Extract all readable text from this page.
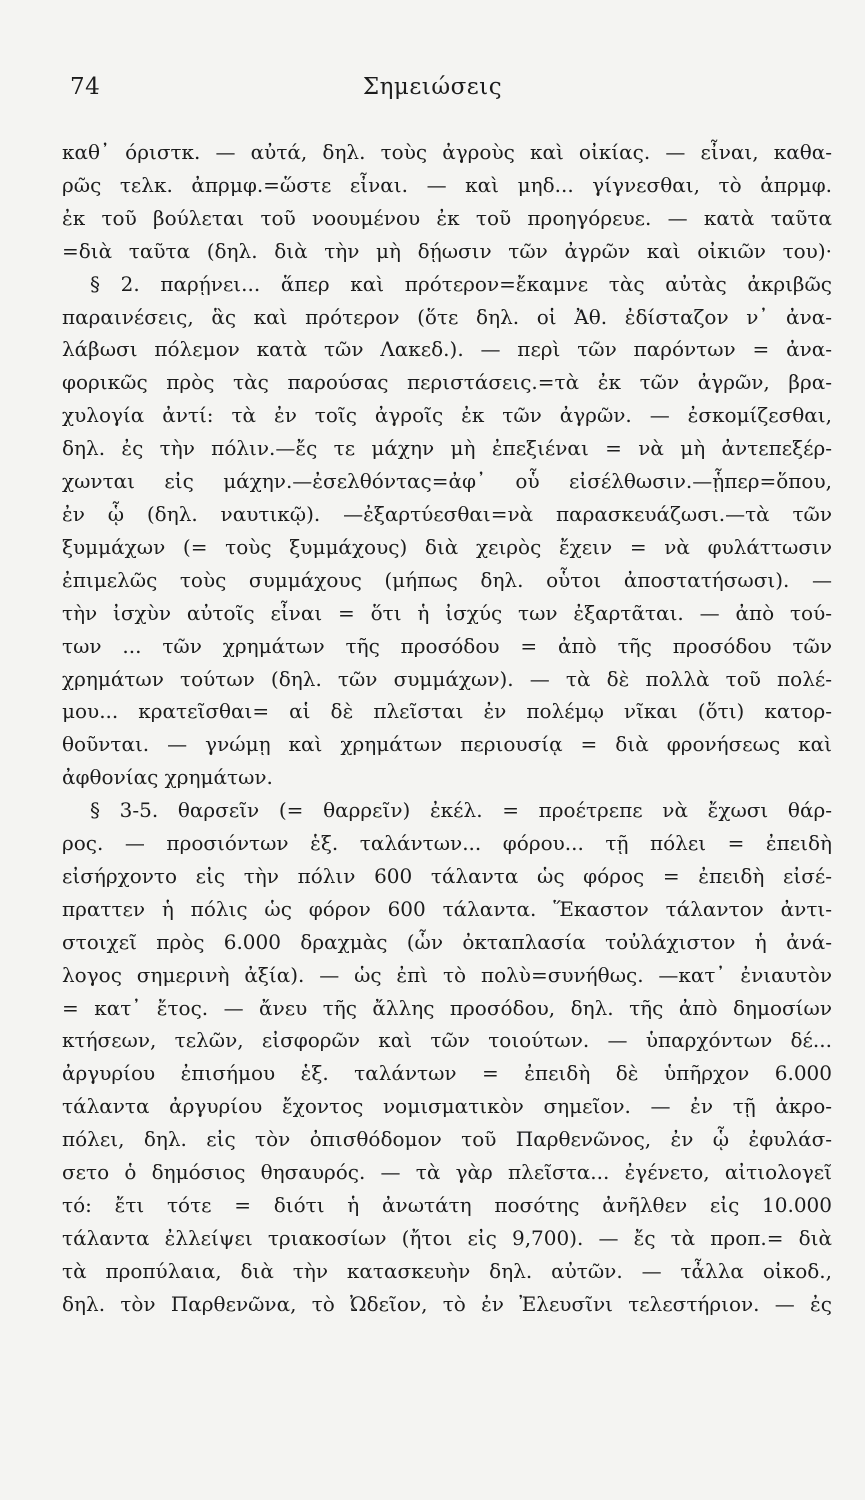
74	Σημειώσεις
καθ᾽ όριστκ. — αὐτά, δηλ. τοὺς ἀγροὺς καὶ οἰκίας. — εἶναι, καθα-
ρῶς τελκ. ἀπρμφ.=ὥστε εἶναι. — καὶ μηδ... γίγνεσθαι, τὸ ἀπρμφ.
ἐκ τοῦ βούλεται τοῦ νοουμένου ἐκ τοῦ προηγόρευε. — κατὰ ταῦτα
=διὰ ταῦτα (δηλ. διὰ τὴν μὴ δῄωσιν τῶν ἀγρῶν καὶ οἰκιῶν του)·
§ 2. παρῄνει... ἅπερ καὶ πρότερον=ἔκαμνε τὰς αὐτὰς ἀκριβῶς
παραινέσεις, ἃς καὶ πρότερον (ὅτε δηλ. οἱ Ἀθ. ἐδίσταζον ν᾽ ἀνα-
λάβωσι πόλεμον κατὰ τῶν Λακεδ.). — περὶ τῶν παρόντων = ἀνα-
φορικῶς πρὸς τὰς παρούσας περιστάσεις.=τὰ ἐκ τῶν ἀγρῶν, βρα-
χυλογία ἀντί: τὰ ἐν τοῖς ἀγροῖς ἐκ τῶν ἀγρῶν. — ἐσκομίζεσθαι,
δηλ. ἐς τὴν πόλιν.—ἔς τε μάχην μὴ ἐπεξιέναι = νὰ μὴ ἀντεπεξέρ-
χωνται εἰς μάχην.—ἐσελθόντας=ἀφ᾽ οὗ εἰσέλθωσιν.—ᾗπερ=ὅπου,
ἐν ᾧ (δηλ. ναυτικῷ). —ἐξαρτύεσθαι=νὰ παρασκευάζωσι.—τὰ τῶν
ξυμμάχων (= τοὺς ξυμμάχους) διὰ χειρὸς ἔχειν = νὰ φυλάττωσιν
ἐπιμελῶς τοὺς συμμάχους (μήπως δηλ. οὗτοι ἀποστατήσωσι). —
τὴν ἰσχὺν αὐτοῖς εἶναι = ὅτι ἡ ἰσχύς των ἐξαρτᾶται. — ἀπὸ τού-
των ... τῶν χρημάτων τῆς προσόδου = ἀπὸ τῆς προσόδου τῶν
χρημάτων τούτων (δηλ. τῶν συμμάχων). — τὰ δὲ πολλὰ τοῦ πολέ-
μου... κρατεῖσθαι= αἱ δὲ πλεῖσται ἐν πολέμῳ νῖκαι (ὅτι) κατορ-
θοῦνται. — γνώμῃ καὶ χρημάτων περιουσίᾳ = διὰ φρονήσεως καὶ
ἀφθονίας χρημάτων.
§ 3-5. θαρσεῖν (= θαρρεῖν) ἐκέλ. = προέτρεπε νὰ ἔχωσι θάρ-
ρος. — προσιόντων ἑξ. ταλάντων... φόρου... τῇ πόλει = ἐπειδὴ
εἰσήρχοντο εἰς τὴν πόλιν 600 τάλαντα ὡς φόρος = ἐπειδὴ εἰσέ-
πραττεν ἡ πόλις ὡς φόρον 600 τάλαντα. Ἕκαστον τάλαντον ἀντι-
στοιχεῖ πρὸς 6.000 δραχμὰς (ὧν ὀκταπλασία τοὐλάχιστον ἡ ἀνά-
λογος σημερινὴ ἀξία). — ὡς ἐπὶ τὸ πολὺ=συνήθως. —κατ᾽ ἐνιαυτὸν
= κατ᾽ ἔτος. — ἄνευ τῆς ἄλλης προσόδου, δηλ. τῆς ἀπὸ δημοσίων
κτήσεων, τελῶν, εἰσφορῶν καὶ τῶν τοιούτων. — ὑπαρχόντων δέ...
ἀργυρίου ἐπισήμου ἑξ. ταλάντων = ἐπειδὴ δὲ ὑπῆρχον 6.000
τάλαντα ἀργυρίου ἔχοντος νομισματικὸν σημεῖον. — ἐν τῇ ἀκρο-
πόλει, δηλ. εἰς τὸν ὀπισθόδομον τοῦ Παρθενῶνος, ἐν ᾧ ἐφυλάσ-
σετο ὁ δημόσιος θησαυρός. — τὰ γὰρ πλεῖστα... ἐγένετο, αἰτιολογεῖ
τό: ἔτι τότε = διότι ἡ ἀνωτάτη ποσότης ἀνῆλθεν εἰς 10.000
τάλαντα ἐλλείψει τριακοσίων (ἤτοι εἰς 9,700). — ἔς τὰ προπ.= διὰ
τὰ προπύλαια, διὰ τὴν κατασκευὴν δηλ. αὐτῶν. — τἆλλα οἰκοδ.,
δηλ. τὸν Παρθενῶνα, τὸ Ὠδεῖον, τὸ ἐν Ἐλευσῖνι τελεστήριον. — ἐς
